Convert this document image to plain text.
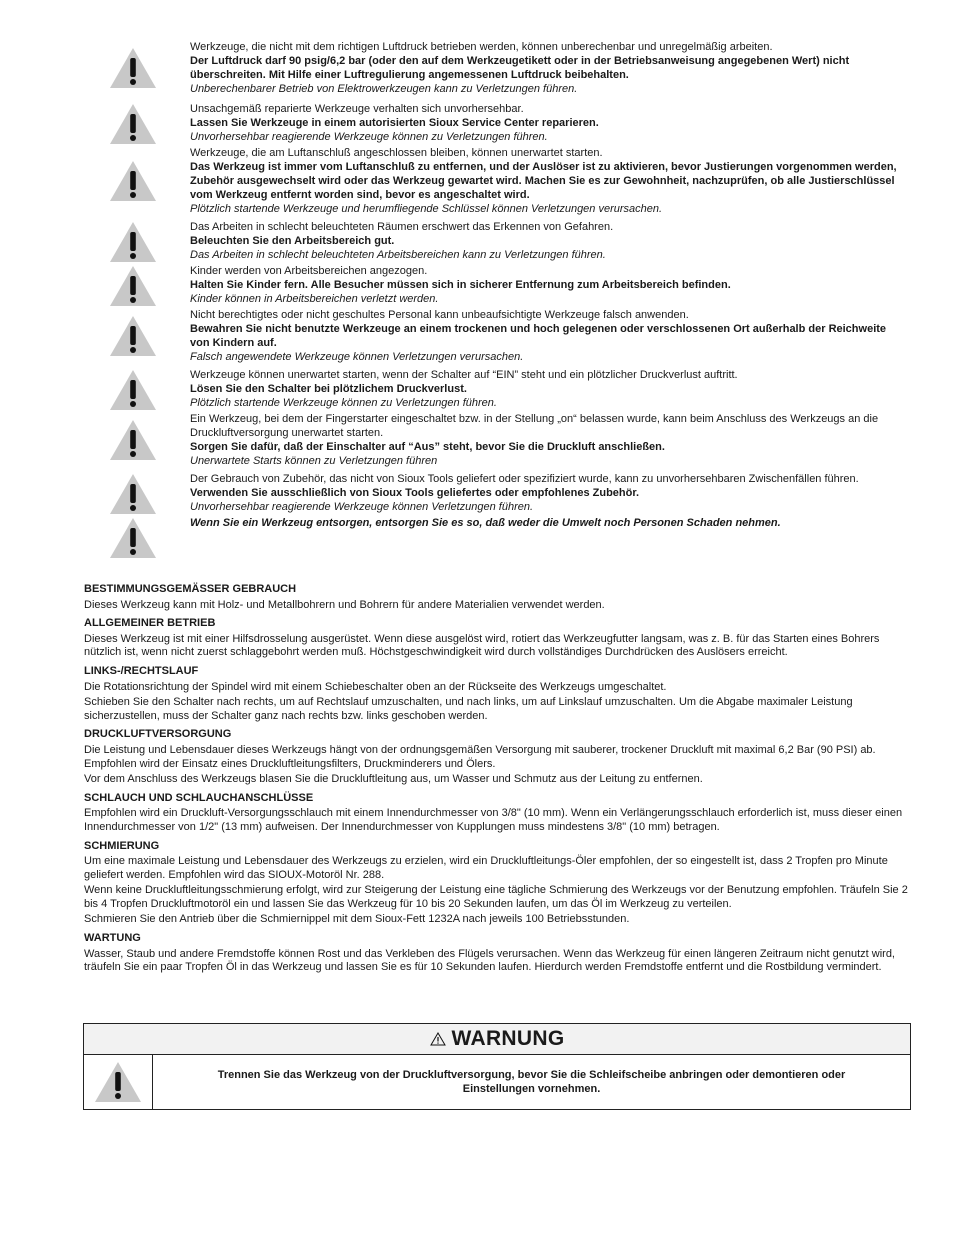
Werkzeuge, die nicht mit dem richtigen Luftdruck betrieben werden, können unberechenbar und unregelmäßig arbeiten.
Der Luftdruck darf 90 psig/6,2 bar (oder den auf dem Werkzeugetikett oder in der Betriebsanweisung angegebenen Wert) nicht überschreiten. Mit Hilfe einer Luftregulierung angemessenen Luftdruck beibehalten.
Unberechenbarer Betrieb von Elektrowerkzeugen kann zu Verletzungen führen.
Unsachgemäß reparierte Werkzeuge verhalten sich unvorhersehbar.
Lassen Sie Werkzeuge in einem autorisierten Sioux Service Center reparieren.
Unvorhersehbar reagierende Werkzeuge können zu Verletzungen führen.
Werkzeuge, die am Luftanschluß angeschlossen bleiben, können unerwartet starten.
Das Werkzeug ist immer vom Luftanschluß zu entfernen, und der Auslöser ist zu aktivieren, bevor Justierungen vorgenommen werden, Zubehör ausgewechselt wird oder das Werkzeug gewartet wird. Machen Sie es zur Gewohnheit, nachzuprüfen, ob alle Justierschlüssel vom Werkzeug entfernt worden sind, bevor es angeschaltet wird.
Plötzlich startende Werkzeuge und herumfliegende Schlüssel können Verletzungen verursachen.
Das Arbeiten in schlecht beleuchteten Räumen erschwert das Erkennen von Gefahren.
Beleuchten Sie den Arbeitsbereich gut.
Das Arbeiten in schlecht beleuchteten Arbeitsbereichen kann zu Verletzungen führen.
Kinder werden von Arbeitsbereichen angezogen.
Halten Sie Kinder fern. Alle Besucher müssen sich in sicherer Entfernung zum Arbeitsbereich befinden.
Kinder können in Arbeitsbereichen verletzt werden.
Nicht berechtigtes oder nicht geschultes Personal kann unbeaufsichtigte Werkzeuge falsch anwenden.
Bewahren Sie nicht benutzte Werkzeuge an einem trockenen und hoch gelegenen oder verschlossenen Ort außerhalb der Reichweite von Kindern auf.
Falsch angewendete Werkzeuge können Verletzungen verursachen.
Werkzeuge können unerwartet starten, wenn der Schalter auf “EIN” steht und ein plötzlicher Druckverlust auftritt.
Lösen Sie den Schalter bei plötzlichem Druckverlust.
Plötzlich startende Werkzeuge können zu Verletzungen führen.
Ein Werkzeug, bei dem der Fingerstarter eingeschaltet bzw. in der Stellung „on“ belassen wurde, kann beim Anschluss des Werkzeugs an die Druckluftversorgung unerwartet starten.
Sorgen Sie dafür, daß der Einschalter auf “Aus” steht, bevor Sie die Druckluft anschließen.
Unerwartete Starts können zu Verletzungen führen
Der Gebrauch von Zubehör, das nicht von Sioux Tools geliefert oder spezifiziert wurde, kann zu unvorhersehbaren Zwischenfällen führen.
Verwenden Sie ausschließlich von Sioux Tools geliefertes oder empfohlenes Zubehör.
Unvorhersehbar reagierende Werkzeuge können Verletzungen führen.
Wenn Sie ein Werkzeug entsorgen, entsorgen Sie es so, daß weder die Umwelt noch Personen Schaden nehmen.
BESTIMMUNGSGEMÄSSER GEBRAUCH

Dieses Werkzeug kann mit Holz- und Metallbohrern und Bohrern für andere Materialien verwendet werden.

ALLGEMEINER BETRIEB

Dieses Werkzeug ist mit einer Hilfsdrosselung ausgerüstet. Wenn diese ausgelöst wird, rotiert das Werkzeugfutter langsam, was z. B. für das Starten eines Bohrers nützlich ist, wenn nicht zuerst schlaggebohrt werden muß. Höchstgeschwindigkeit wird durch vollständiges Durchdrücken des Auslösers erreicht.

LINKS-/RECHTSLAUF

Die Rotationsrichtung der Spindel wird mit einem Schiebeschalter oben an der Rückseite des Werkzeugs umgeschaltet.

Schieben Sie den Schalter nach rechts, um auf Rechtslauf umzuschalten, und nach links, um auf Linkslauf umzuschalten. Um die Abgabe maximaler Leistung sicherzustellen, muss der Schalter ganz nach rechts bzw. links geschoben werden.

DRUCKLUFTVERSORGUNG

Die Leistung und Lebensdauer dieses Werkzeugs hängt von der ordnungsgemäßen Versorgung mit sauberer, trockener Druckluft mit maximal 6,2 Bar (90 PSI) ab. Empfohlen wird der Einsatz eines Druckluftleitungsfilters, Druckminderers und Ölers.

Vor dem Anschluss des Werkzeugs blasen Sie die Druckluftleitung aus, um Wasser und Schmutz aus der Leitung zu entfernen.

SCHLAUCH UND SCHLAUCHANSCHLÜSSE

Empfohlen wird ein Druckluft-Versorgungsschlauch mit einem Innendurchmesser von 3/8" (10 mm). Wenn ein Verlängerungsschlauch erforderlich ist, muss dieser einen Innendurchmesser von 1/2" (13 mm) aufweisen. Der Innendurchmesser von Kupplungen muss mindestens 3/8" (10 mm) betragen.

SCHMIERUNG

Um eine maximale Leistung und Lebensdauer des Werkzeugs zu erzielen, wird ein Druckluftleitungs-Öler empfohlen, der so eingestellt ist, dass 2 Tropfen pro Minute geliefert werden. Empfohlen wird das SIOUX-Motoröl Nr. 288.

Wenn keine Druckluftleitungsschmierung erfolgt, wird zur Steigerung der Leistung eine tägliche Schmierung des Werkzeugs vor der Benutzung empfohlen. Träufeln Sie 2 bis 4 Tropfen Druckluftmotoröl ein und lassen Sie das Werkzeug für 10 bis 20 Sekunden laufen, um das Öl im Werkzeug zu verteilen.

Schmieren Sie den Antrieb über die Schmiernippel mit dem Sioux-Fett 1232A nach jeweils 100 Betriebsstunden.

WARTUNG

Wasser, Staub und andere Fremdstoffe können Rost und das Verkleben des Flügels verursachen. Wenn das Werkzeug für einen längeren Zeitraum nicht genutzt wird, träufeln Sie ein paar Tropfen Öl in das Werkzeug und lassen Sie es für 10 Sekunden laufen. Hierdurch werden Fremdstoffe entfernt und die Rostbildung vermindert.

WARNUNG
Trennen Sie das Werkzeug von der Druckluftversorgung, bevor Sie die Schleifscheibe anbringen oder demontieren oder Einstellungen vornehmen.
